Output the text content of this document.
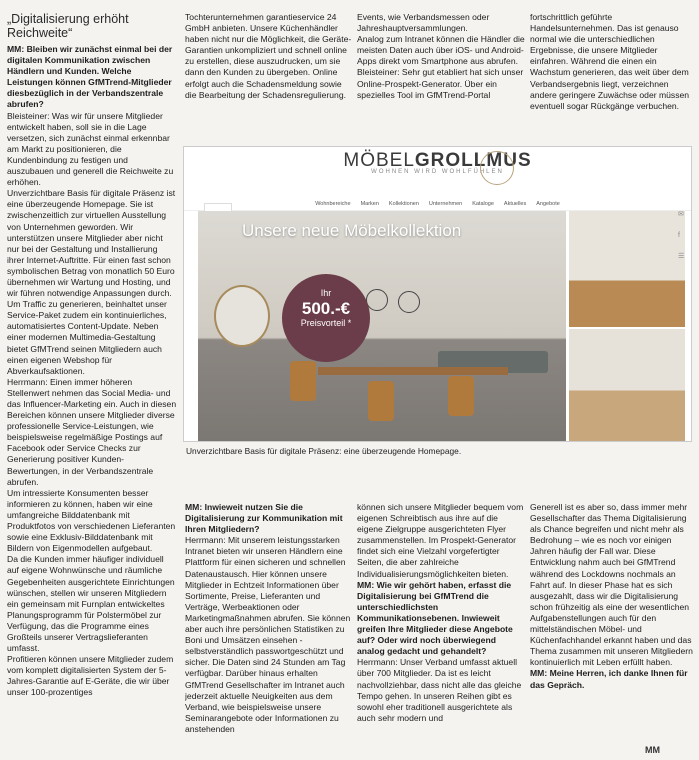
„Digitalisierung erhöht Reichweite“

MM: Bleiben wir zunächst einmal bei der digitalen Kommunikation zwischen Händlern und Kunden. Welche Leistungen können GfMTrend-Mitglieder diesbezüglich in der Verbandszentrale abrufen?

Bleisteiner: Was wir für unsere Mitglieder entwickelt haben, soll sie in die Lage versetzen, sich zunächst einmal erkennbar am Markt zu positionieren, die Kundenbindung zu festigen und auszubauen und generell die Reichweite zu erhöhen.

Unverzichtbare Basis für digitale Präsenz ist eine überzeugende Homepage. Sie ist zwischenzeitlich zur virtuellen Ausstellung von Unternehmen geworden. Wir unterstützen unsere Mitglieder aber nicht nur bei der Gestaltung und Installierung ihrer Internet-Auftritte. Für einen fast schon symbolischen Betrag von monatlich 50 Euro übernehmen wir Wartung und Hosting, und wir führen notwendige Anpassungen durch. Um Traffic zu generieren, beinhaltet unser Service-Paket zudem ein kontinuierliches, automatisiertes Content-Update. Neben einer modernen Multimedia-Gestaltung bietet GfMTrend seinen Mitgliedern auch einen eigenen Webshop für Abverkaufsaktionen.

Herrmann: Einen immer höheren Stellenwert nehmen das Social Media- und das Influencer-Marketing ein. Auch in diesen Bereichen können unsere Mitglieder diverse professionelle Service-Leistungen, wie beispielsweise regelmäßige Postings auf Facebook oder Service Checks zur Generierung positiver Kunden-Bewertungen, in der Verbandszentrale abrufen.

Um intressierte Konsumenten besser informieren zu können, haben wir eine umfangreiche Bilddatenbank mit Produktfotos von verschiedenen Lieferanten sowie eine Exklusiv-Bilddatenbank mit Bildern von Eigenmodellen aufgebaut.

Da die Kunden immer häufiger individuell auf eigene Wohnwünsche und räumliche Gegebenheiten ausgerichtete Einrichtungen wünschen, stellen wir unseren Mitgliedern ein gemeinsam mit Furnplan entwickeltes Planungsprogramm für Polstermöbel zur Verfügung, das die Programme eines Großteils unserer Vertragslieferanten umfasst.

Profitieren können unsere Mitglieder zudem vom komplett digitalisierten System der 5-Jahres-Garantie auf E-Geräte, die wir über unser 100-prozentiges

Tochterunternehmen garantieservice 24 GmbH anbieten. Unsere Küchenhändler haben nicht nur die Möglichkeit, die Geräte-Garantien unkompliziert und schnell online zu erstellen, diese auszudrucken, um sie dann den Kunden zu übergeben. Online erfolgt auch die Schadensmeldung sowie die Bearbeitung der Schadensregulierung.

Events, wie Verbandsmessen oder Jahreshauptversammlungen.
Analog zum Intranet können die Händler die meisten Daten auch über iOS- und Android-Apps direkt vom Smartphone aus abrufen.
Bleisteiner: Sehr gut etabliert hat sich unser Online-Prospekt-Generator. Über ein spezielles Tool im GfMTrend-Portal

fortschrittlich geführte Handelsunternehmen. Das ist genauso normal wie die unterschiedlichen Ergebnisse, die unsere Mitglieder einfahren. Während die einen ein Wachstum generieren, das weit über dem Verbandsergebnis liegt, verzeichnen andere geringere Zuwächse oder müssen eventuell sogar Rückgänge verbuchen.

MÖBELGROLLMUS
WOHNEN WIRD WOHLFÜHLEN
Wohnbereiche Marken Kollektionen Unternehmen Kataloge Aktuelles Angebote
Unsere neue Möbelkollektion
Ihr
500.-€
Preisvorteil *
✉
f
☰
Unverzichtbare Basis für digitale Präsenz: eine überzeugende Homepage.

MM: Inwieweit nutzen Sie die Digitalisierung zur Kommunikation mit Ihren Mitgliedern?

Herrmann: Mit unserem leistungsstarken Intranet bieten wir unseren Händlern eine Plattform für einen sicheren und schnellen Datenaustausch. Hier können unsere Mitglieder in Echtzeit Informationen über Sortimente, Preise, Lieferanten und Verträge, Werbeaktionen oder Marketingmaßnahmen abrufen. Sie können aber auch ihre persönlichen Statistiken zu Boni und Umsätzen einsehen - selbstverständlich passwortgeschützt und sicher. Die Daten sind 24 Stunden am Tag verfügbar. Darüber hinaus erhalten GfMTrend Gesellschafter im Intranet auch jederzeit aktuelle Neuigkeiten aus dem Verband, wie beispielsweise unsere Seminarangebote oder Informationen zu anstehenden

können sich unsere Mitglieder bequem vom eigenen Schreibtisch aus ihre auf die eigene Zielgruppe ausgerichteten Flyer zusammenstellen. Im Prospekt-Generator findet sich eine Vielzahl vorgefertigter Seiten, die aber zahlreiche Individualisierungsmöglichkeiten bieten.

MM: Wie wir gehört haben, erfasst die Digitalisierung bei GfMTrend die unterschiedlichsten Kommunikationsebenen. Inwieweit greifen Ihre Mitglieder diese Angebote auf? Oder wird noch überwiegend analog gedacht und gehandelt?

Herrmann: Unser Verband umfasst aktuell über 700 Mitglieder. Da ist es leicht nachvollziehbar, dass nicht alle das gleiche Tempo gehen. In unseren Reihen gibt es sowohl eher traditionell ausgerichtete als auch sehr modern und

Generell ist es aber so, dass immer mehr Gesellschafter das Thema Digitalisierung als Chance begreifen und nicht mehr als Bedrohung – wie es noch vor einigen Jahren häufig der Fall war. Diese Entwicklung nahm auch bei GfMTrend während des Lockdowns nochmals an Fahrt auf. In dieser Phase hat es sich ausgezahlt, dass wir die Digitalisierung schon frühzeitig als eine der wesentlichen Aufgabenstellungen auch für den mittelständischen Möbel- und Küchenfachhandel erkannt haben und das Thema zusammen mit unseren Mitgliedern kontinuierlich mit Leben erfüllt haben.

MM: Meine Herren, ich danke Ihnen für das Gepräch.

MM
